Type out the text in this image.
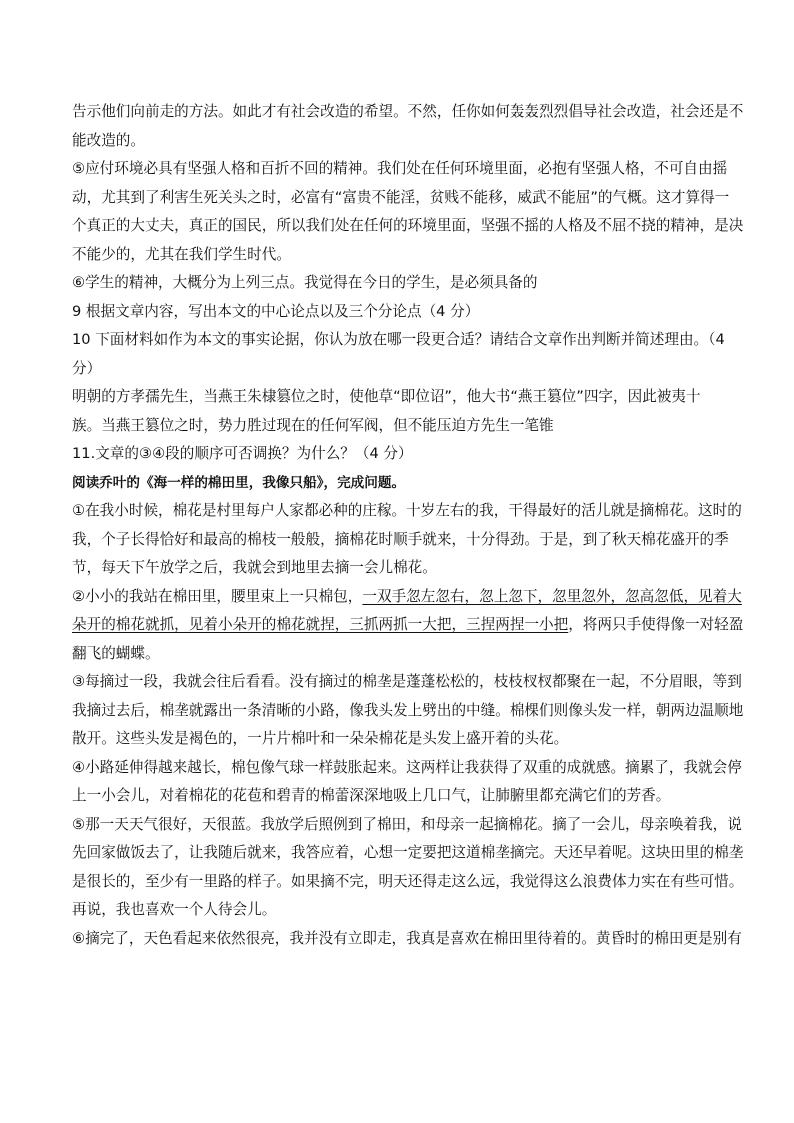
告示他们向前走的方法。如此才有社会改造的希望。不然，任你如何轰轰烈烈倡导社会改造，社会还是不
能改造的。
⑤应付环境必具有坚强人格和百折不回的精神。我们处在任何环境里面，必抱有坚强人格，不可自由摇
动，尤其到了利害生死关头之时，必富有“富贵不能淫，贫贱不能移，威武不能屈”的气概。这才算得一
个真正的大丈夫，真正的国民，所以我们处在任何的环境里面，坚强不摇的人格及不屈不挠的精神，是决
不能少的，尤其在我们学生时代。
⑥学生的精神，大概分为上列三点。我觉得在今日的学生，是必须具备的
9 根据文章内容，写出本文的中心论点以及三个分论点（4 分）
10 下面材料如作为本文的事实论据，你认为放在哪一段更合适？请结合文章作出判断并简述理由。（4
分）
明朝的方孝孺先生，当燕王朱棣篡位之时，使他草“即位诏”，他大书“燕王篡位”四字，因此被夷十
族。当燕王篡位之时，势力胜过现在的任何军阀，但不能压迫方先生一笔锥
11.文章的③④段的顺序可否调换？为什么？（4 分）
阅读乔叶的《海一样的棉田里，我像只船》，完成问题。
①在我小时候，棉花是村里每户人家都必种的庄稼。十岁左右的我，干得最好的活儿就是摘棉花。这时的
我，个子长得恰好和最高的棉枝一般般，摘棉花时顺手就来，十分得劲。于是，到了秋天棉花盛开的季
节，每天下午放学之后，我就会到地里去摘一会儿棉花。
②小小的我站在棉田里，腰里束上一只棉包，一双手忽左忽右，忽上忽下，忽里忽外，忽高忽低，见着大
朵开的棉花就抓，见着小朵开的棉花就捏，三抓两抓一大把，三捏两捏一小把，将两只手使得像一对轻盈
翻飞的蝴蝶。
③每摘过一段，我就会往后看看。没有摘过的棉垄是蓬蓬松松的，枝枝杈杈都聚在一起，不分眉眼，等到
我摘过去后，棉垄就露出一条清晰的小路，像我头发上劈出的中缝。棉棵们则像头发一样，朝两边温顺地
散开。这些头发是褐色的，一片片棉叶和一朵朵棉花是头发上盛开着的头花。
④小路延伸得越来越长，棉包像气球一样鼓胀起来。这两样让我获得了双重的成就感。摘累了，我就会停
上一小会儿，对着棉花的花苞和碧青的棉蕾深深地吸上几口气，让肺腑里都充满它们的芳香。
⑤那一天天气很好，天很蓝。我放学后照例到了棉田，和母亲一起摘棉花。摘了一会儿，母亲唤着我，说
先回家做饭去了，让我随后就来，我答应着，心想一定要把这道棉垄摘完。天还早着呢。这块田里的棉垄
是很长的，至少有一里路的样子。如果摘不完，明天还得走这么远，我觉得这么浪费体力实在有些可惜。
再说，我也喜欢一个人待会儿。
⑥摘完了，天色看起来依然很亮，我并没有立即走，我真是喜欢在棉田里待着的。黄昏时的棉田更是别有
